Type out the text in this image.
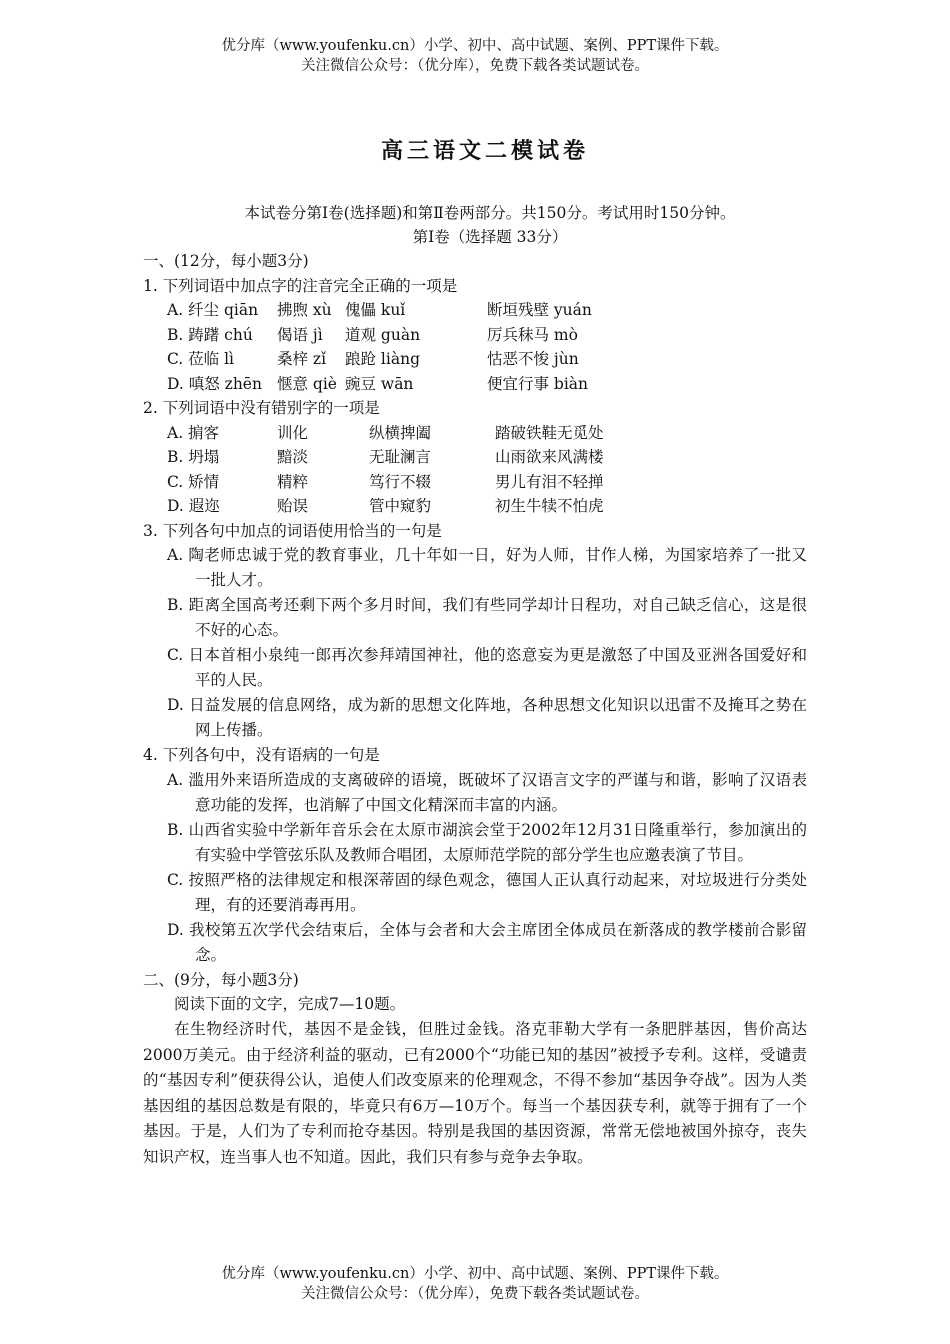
优分库（www.youfenku.cn）小学、初中、高中试题、案例、PPT课件下载。
关注微信公众号：（优分库），免费下载各类试题试卷。
高三语文二模试卷
本试卷分第Ⅰ卷(选择题)和第Ⅱ卷两部分。共150分。考试用时150分钟。
第Ⅰ卷（选择题 33分）
一、(12分，每小题3分)
1. 下列词语中加点字的注音完全正确的一项是
A. 纤尘 qiān 拂煦 xù 傀儡 kuǐ	断垣残壁 yuán
B. 踌躇 chú 偈语 jì 道观 guàn	厉兵秣马 mò
C. 莅临 lì	桑梓 zǐ 踉跄 liàng	怙恶不悛 jùn
D. 嗔怒 zhēn 惬意 qiè 豌豆 wān	便宜行事 biàn
2. 下列词语中没有错别字的一项是
A. 掮客	训化	纵横捭阖	踏破铁鞋无觅处
B. 坍塌	黯淡	无耻澜言	山雨欲来风满楼
C. 矫情	精粹	笃行不辍	男儿有泪不轻掸
D. 遐迩	贻误	管中窥豹	初生牛犊不怕虎
3. 下列各句中加点的词语使用恰当的一句是
A. 陶老师忠诚于党的教育事业，几十年如一日，好为人师，甘作人梯，为国家培养了一批又一批人才。
B. 距离全国高考还剩下两个多月时间，我们有些同学却计日程功，对自己缺乏信心，这是很不好的心态。
C. 日本首相小泉纯一郎再次参拜靖国神社，他的恣意妄为更是激怒了中国及亚洲各国爱好和平的人民。
D. 日益发展的信息网络，成为新的思想文化阵地，各种思想文化知识以迅雷不及掩耳之势在网上传播。
4. 下列各句中，没有语病的一句是
A. 滥用外来语所造成的支离破碎的语境，既破坏了汉语言文字的严谨与和谐，影响了汉语表意功能的发挥，也消解了中国文化精深而丰富的内涵。
B. 山西省实验中学新年音乐会在太原市湖滨会堂于2002年12月31日隆重举行，参加演出的有实验中学管弦乐队及教师合唱团，太原师范学院的部分学生也应邀表演了节目。
C. 按照严格的法律规定和根深蒂固的绿色观念，德国人正认真行动起来，对垃圾进行分类处理，有的还要消毒再用。
D. 我校第五次学代会结束后，全体与会者和大会主席团全体成员在新落成的教学楼前合影留念。
二、(9分，每小题3分)
阅读下面的文字，完成7—10题。
在生物经济时代，基因不是金钱，但胜过金钱。洛克菲勒大学有一条肥胖基因，售价高达2000万美元。由于经济利益的驱动，已有2000个“功能已知的基因”被授予专利。这样，受谴责的“基因专利”便获得公认，追使人们改变原来的伦理观念，不得不参加“基因争夺战”。因为人类基因组的基因总数是有限的，毕竟只有6万—10万个。每当一个基因获专利，就等于拥有了一个基因。于是，人们为了专利而抢夺基因。特别是我国的基因资源，常常无偿地被国外掠夺，丧失知识产权，连当事人也不知道。因此，我们只有参与竞争去争取。
优分库（www.youfenku.cn）小学、初中、高中试题、案例、PPT课件下载。
关注微信公众号：（优分库），免费下载各类试题试卷。
